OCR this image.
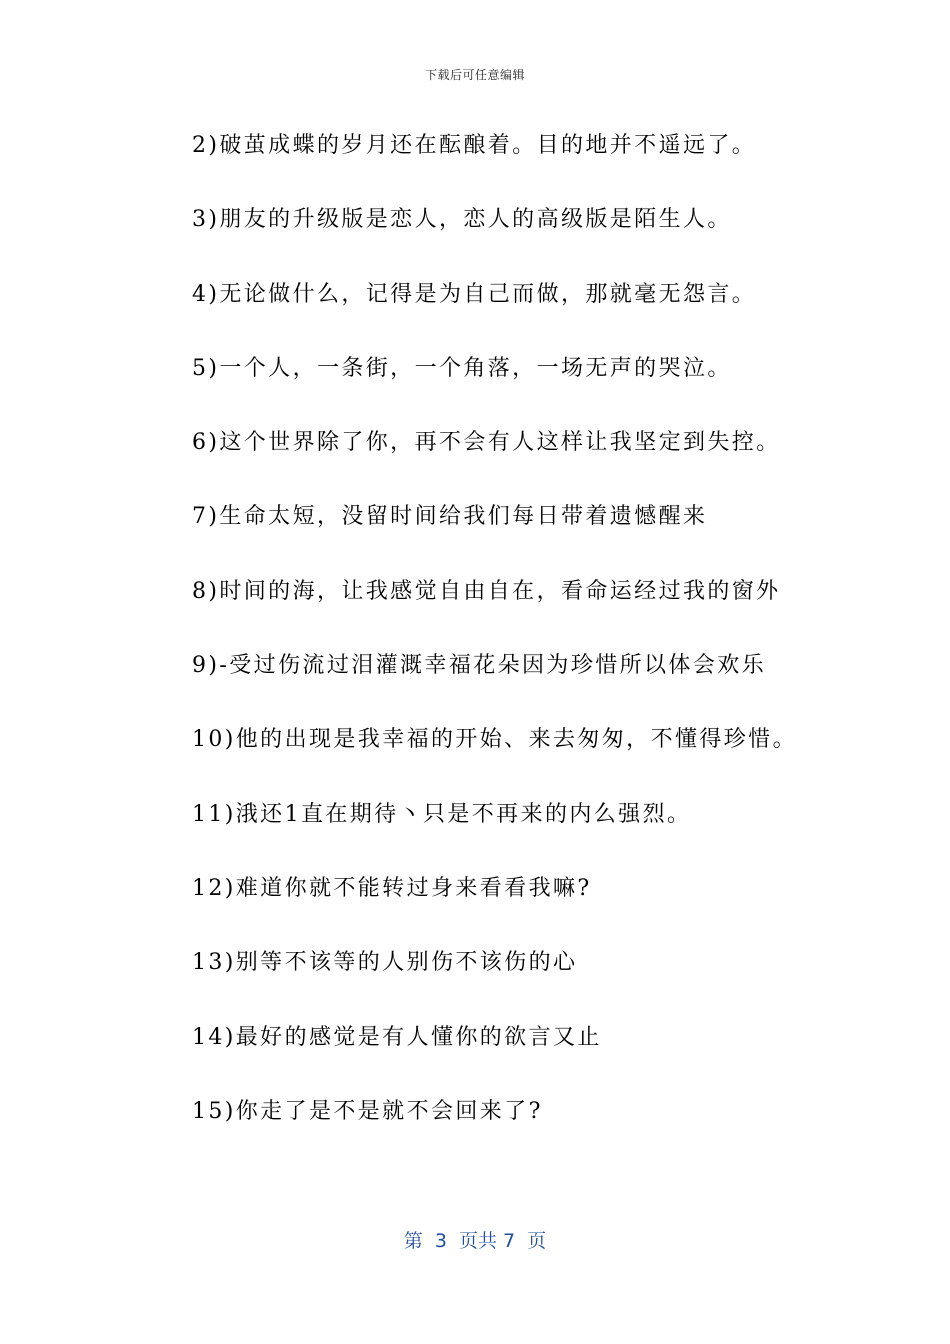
下载后可任意编辑
2)破茧成蝶的岁月还在酝酿着。目的地并不遥远了。
3)朋友的升级版是恋人，恋人的高级版是陌生人。
4)无论做什么，记得是为自己而做，那就毫无怨言。
5)一个人，一条街，一个角落，一场无声的哭泣。
6)这个世界除了你，再不会有人这样让我坚定到失控。
7)生命太短，没留时间给我们每日带着遗憾醒来
8)时间的海，让我感觉自由自在，看命运经过我的窗外
9)-受过伤流过泪灌溉幸福花朵因为珍惜所以体会欢乐
10)他的出现是我幸福的开始、来去匆匆，不懂得珍惜。
11)涐还1直在期待丶只是不再来的内么强烈。
12)难道你就不能转过身来看看我嘛?
13)别等不该等的人别伤不该伤的心
14)最好的感觉是有人懂你的欲言又止
15)你走了是不是就不会回来了?
第  3  页共 7  页
